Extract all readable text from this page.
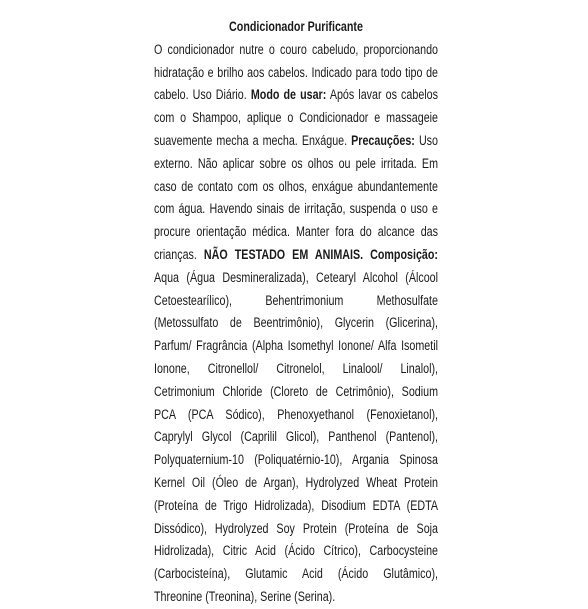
Condicionador Purificante

O condicionador nutre o couro cabeludo, proporcionando hidratação e brilho aos cabelos. Indicado para todo tipo de cabelo. Uso Diário. Modo de usar: Após lavar os cabelos com o Shampoo, aplique o Condicionador e massageie suavemente mecha a mecha. Enxágue. Precauções: Uso externo. Não aplicar sobre os olhos ou pele irritada. Em caso de contato com os olhos, enxágue abundantemente com água. Havendo sinais de irritação, suspenda o uso e procure orientação médica. Manter fora do alcance das crianças. NÃO TESTADO EM ANIMAIS. Composição: Aqua (Água Desmineralizada), Cetearyl Alcohol (Álcool Cetoestearílico), Behentrimonium Methosulfate (Metossulfato de Beentrimônio), Glycerin (Glicerina), Parfum/ Fragrância (Alpha Isomethyl Ionone/ Alfa Isometil Ionone, Citronellol/ Citronelol, Linalool/ Linalol), Cetrimonium Chloride (Cloreto de Cetrimônio), Sodium PCA (PCA Sódico), Phenoxyethanol (Fenoxietanol), Caprylyl Glycol (Caprilil Glicol), Panthenol (Pantenol), Polyquaternium-10 (Poliquatérnio-10), Argania Spinosa Kernel Oil (Óleo de Argan), Hydrolyzed Wheat Protein (Proteína de Trigo Hidrolizada), Disodium EDTA (EDTA Dissódico), Hydrolyzed Soy Protein (Proteína de Soja Hidrolizada), Citric Acid (Ácido Cítrico), Carbocysteine (Carbocisteína), Glutamic Acid (Ácido Glutâmico), Threonine (Treonina), Serine (Serina).
